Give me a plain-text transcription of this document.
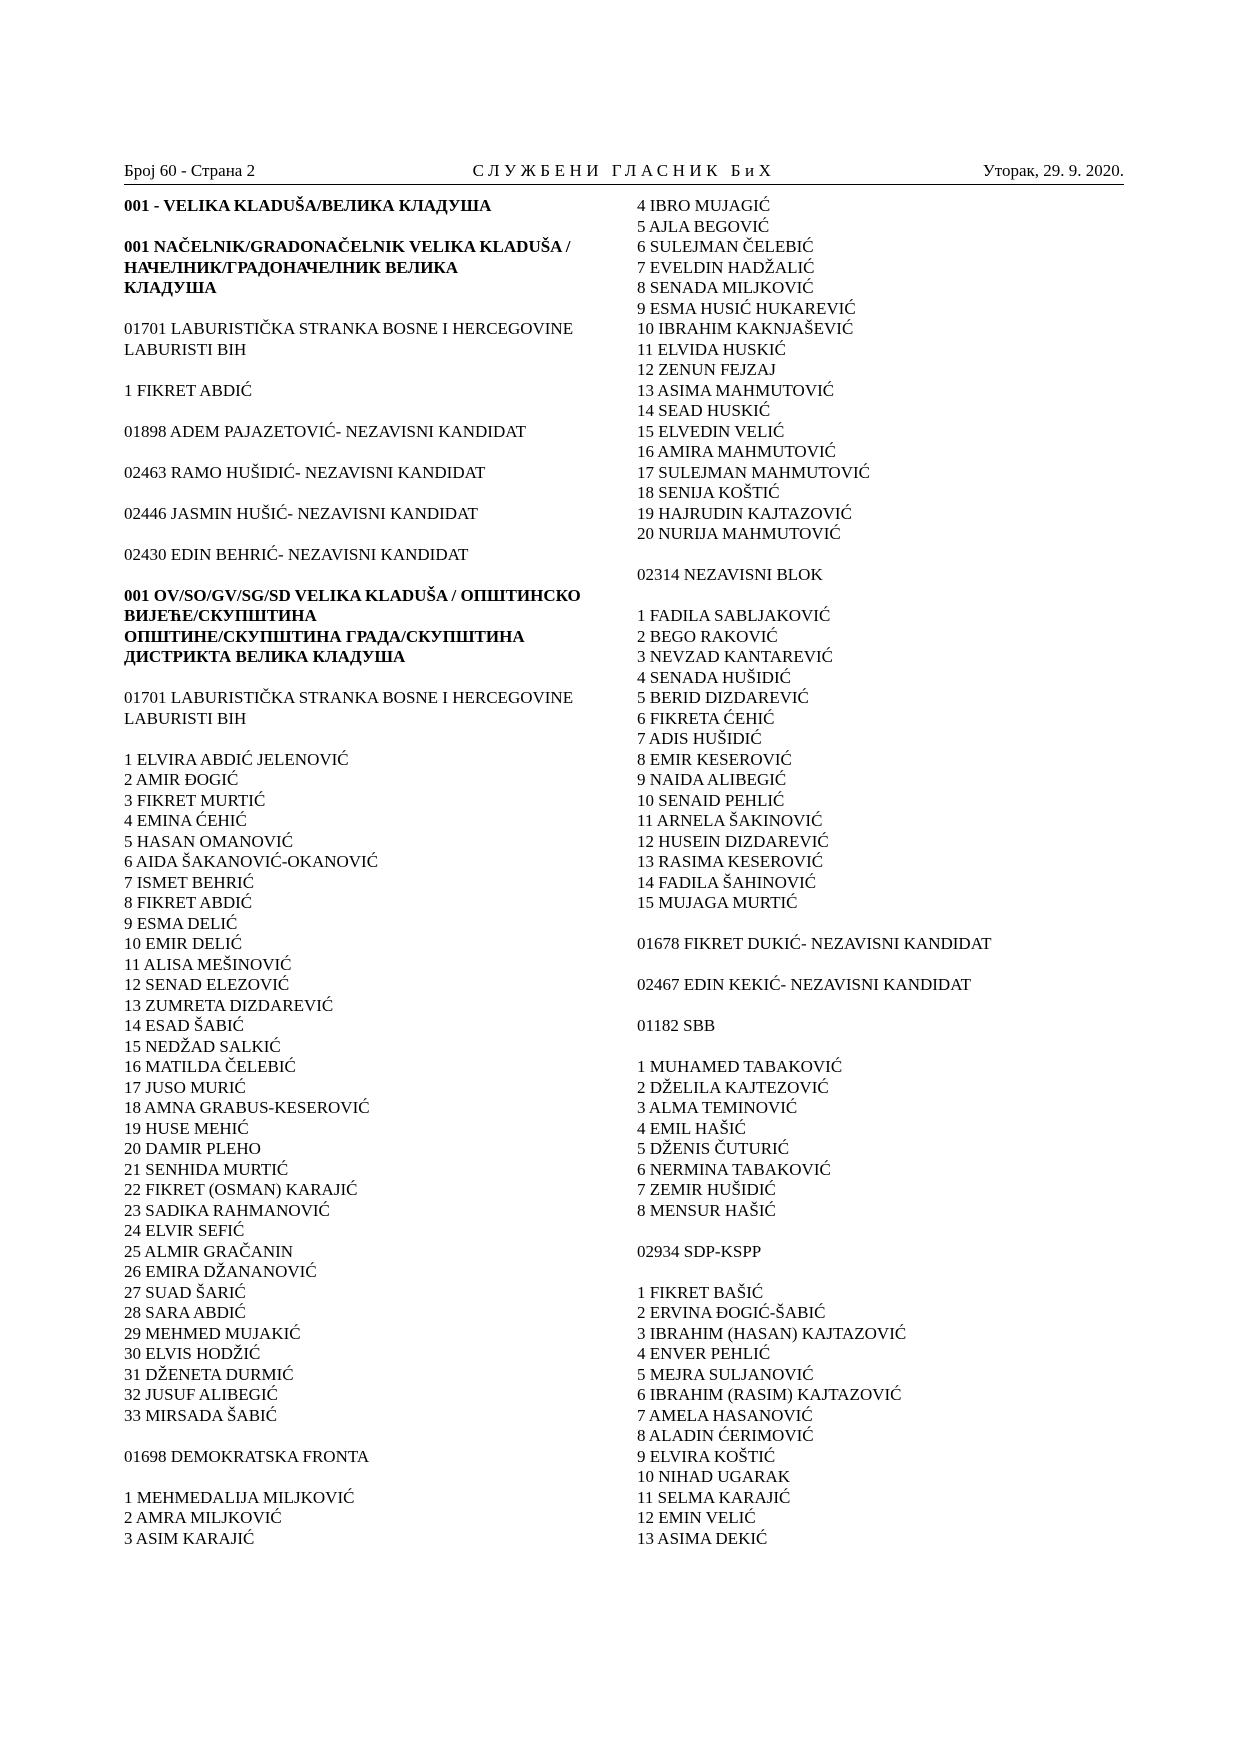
СЛУЖБЕНИ ГЛАСНИК БиХ
Број 60 - Страна 2	Уторак, 29. 9. 2020.
001 - VELIKA KLADUŠA/ВЕЛИКА КЛАДУША
001 NAČELNIK/GRADONAČELNIK VELIKA KLADUŠA /
НАЧЕЛНИК/ГРАДОНАЧЕЛНИК ВЕЛИКА
КЛАДУША
01701 LABURISTIČKA STRANKA BOSNE I HERCEGOVINE
LABURISTI BIH
1 FIKRET ABDIĆ
01898 ADEM PAJAZETOVIĆ- NEZAVISNI KANDIDAT
02463 RAMO HUŠIDIĆ- NEZAVISNI KANDIDAT
02446 JASMIN HUŠIĆ- NEZAVISNI KANDIDAT
02430 EDIN BEHRIĆ- NEZAVISNI KANDIDAT
001 OV/SO/GV/SG/SD VELIKA KLADUŠA / ОПШТИНСКО
ВИЈЕЋЕ/СКУПШТИНА
ОПШТИНЕ/СКУПШТИНА ГРАДА/СКУПШТИНА
ДИСТРИКТА ВЕЛИКА КЛАДУША
01701 LABURISTIČKA STRANKA BOSNE I HERCEGOVINE
LABURISTI BIH
1 ELVIRA ABDIĆ JELENOVIĆ
2 AMIR ĐOGIĆ
3 FIKRET MURTIĆ
4 EMINA ĆEHIĆ
5 HASAN OMANOVIĆ
6 AIDA ŠAKANOVIĆ-OKANOVIĆ
7 ISMET BEHRIĆ
8 FIKRET ABDIĆ
9 ESMA DELIĆ
10 EMIR DELIĆ
11 ALISA MEŠINOVIĆ
12 SENAD ELEZOVIĆ
13 ZUMRETA DIZDAREVIĆ
14 ESAD ŠABIĆ
15 NEDŽAD SALKIĆ
16 MATILDA ČELEBIĆ
17 JUSO MURIĆ
18 AMNA GRABUS-KESEROVIĆ
19 HUSE MEHIĆ
20 DAMIR PLEHO
21 SENHIDA MURTIĆ
22 FIKRET (OSMAN) KARAJIĆ
23 SADIKA RAHMANOVIĆ
24 ELVIR SEFIĆ
25 ALMIR GRAČANIN
26 EMIRA DŽANANOVIĆ
27 SUAD ŠARIĆ
28 SARA ABDIĆ
29 MEHMED MUJAKIĆ
30 ELVIS HODŽIĆ
31 DŽENETA DURMIĆ
32 JUSUF ALIBEGIĆ
33 MIRSADA ŠABIĆ
01698 DEMOKRATSKA FRONTA
1 MEHMEDALIJA MILJKOVIĆ
2 AMRA MILJKOVIĆ
3 ASIM KARAJIĆ
4 IBRO MUJAGIĆ
5 AJLA BEGOVIĆ
6 SULEJMAN ČELEBIĆ
7 EVELDIN HADŽALIĆ
8 SENADA MILJKOVIĆ
9 ESMA HUSIĆ HUKAREVIĆ
10 IBRAHIM KAKNJAŠEVIĆ
11 ELVIDA HUSKIĆ
12 ZENUN FEJZAJ
13 ASIMA MAHMUTOVIĆ
14 SEAD HUSKIĆ
15 ELVEDIN VELIĆ
16 AMIRA MAHMUTOVIĆ
17 SULEJMAN MAHMUTOVIĆ
18 SENIJA KOŠTIĆ
19 HAJRUDIN KAJTAZOVIĆ
20 NURIJA MAHMUTOVIĆ
02314 NEZAVISNI BLOK
1 FADILA SABLJAKOVIĆ
2 BEGO RAKOVIĆ
3 NEVZAD KANTAREVIĆ
4 SENADA HUŠIDIĆ
5 BERID DIZDAREVIĆ
6 FIKRETA ĆEHIĆ
7 ADIS HUŠIDIĆ
8 EMIR KESEROVIĆ
9 NAIDA ALIBEGIĆ
10 SENAID PEHLIĆ
11 ARNELA ŠAKINOVIĆ
12 HUSEIN DIZDAREVIĆ
13 RASIMA KESEROVIĆ
14 FADILA ŠAHINOVIĆ
15 MUJAGA MURTIĆ
01678 FIKRET DUKIĆ- NEZAVISNI KANDIDAT
02467 EDIN KEKIĆ- NEZAVISNI KANDIDAT
01182 SBB
1 MUHAMED TABAKOVIĆ
2 DŽELILA KAJTEZOVIĆ
3 ALMA TEMINOVIĆ
4 EMIL HAŠIĆ
5 DŽENIS ČUTURIĆ
6 NERMINA TABAKOVIĆ
7 ZEMIR HUŠIDIĆ
8 MENSUR HAŠIĆ
02934 SDP-KSPP
1 FIKRET BAŠIĆ
2 ERVINA ĐOGIĆ-ŠABIĆ
3 IBRAHIM (HASAN) KAJTAZOVIĆ
4 ENVER PEHLIĆ
5 MEJRA SULJANOVIĆ
6 IBRAHIM (RASIM) KAJTAZOVIĆ
7 AMELA HASANOVIĆ
8 ALADIN ĆERIMOVIĆ
9 ELVIRA KOŠTIĆ
10 NIHAD UGARAK
11 SELMA KARAJIĆ
12 EMIN VELIĆ
13 ASIMA DEKIĆ
